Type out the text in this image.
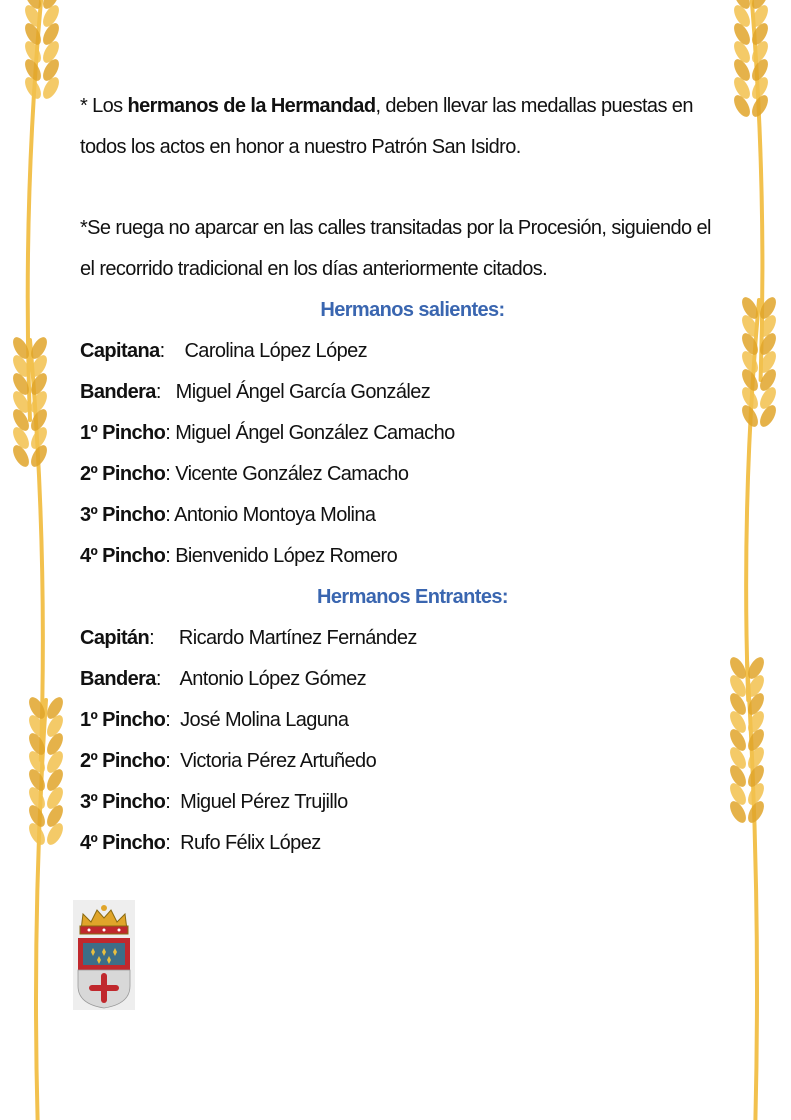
* Los hermanos de la Hermandad, deben llevar las medallas puestas en todos los actos en honor a nuestro Patrón San Isidro.

*Se ruega no aparcar en las calles transitadas por la Procesión, siguiendo el el recorrido tradicional en los días anteriormente citados.

Hermanos salientes:
Capitana:    Carolina López López
Bandera:   Miguel Ángel García González
1º Pincho: Miguel Ángel González Camacho
2º Pincho: Vicente González Camacho
3º Pincho: Antonio Montoya Molina
4º Pincho: Bienvenido López Romero
Hermanos Entrantes:
Capitán:     Ricardo Martínez Fernández
Bandera:    Antonio López Gómez
1º Pincho:  José Molina Laguna
2º Pincho:  Victoria Pérez Artuñedo
3º Pincho:  Miguel Pérez Trujillo
4º Pincho:  Rufo Félix López
